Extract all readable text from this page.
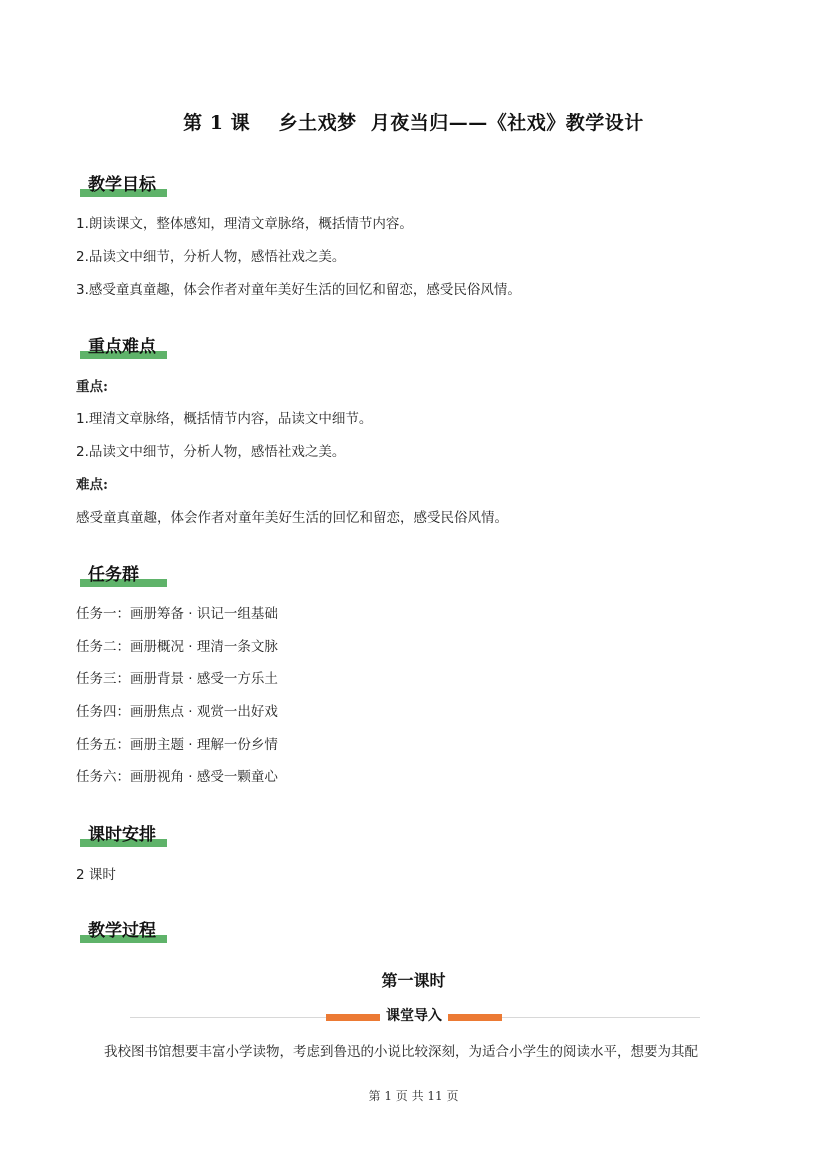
第 1 课    乡土戏梦  月夜当归——《社戏》教学设计
教学目标
1.朗读课文，整体感知，理清文章脉络，概括情节内容。
2.品读文中细节，分析人物，感悟社戏之美。
3.感受童真童趣，体会作者对童年美好生活的回忆和留恋，感受民俗风情。
重点难点
重点:
1.理清文章脉络，概括情节内容，品读文中细节。
2.品读文中细节，分析人物，感悟社戏之美。
难点:
感受童真童趣，体会作者对童年美好生活的回忆和留恋，感受民俗风情。
任务群
任务一：画册筹备 · 识记一组基础
任务二：画册概况 · 理清一条文脉
任务三：画册背景 · 感受一方乐土
任务四：画册焦点 · 观赏一出好戏
任务五：画册主题 · 理解一份乡情
任务六：画册视角 · 感受一颗童心
课时安排
2 课时
教学过程
第一课时
课堂导入
我校图书馆想要丰富小学读物，考虑到鲁迅的小说比较深刻，为适合小学生的阅读水平，想要为其配
第 1 页 共 11 页
